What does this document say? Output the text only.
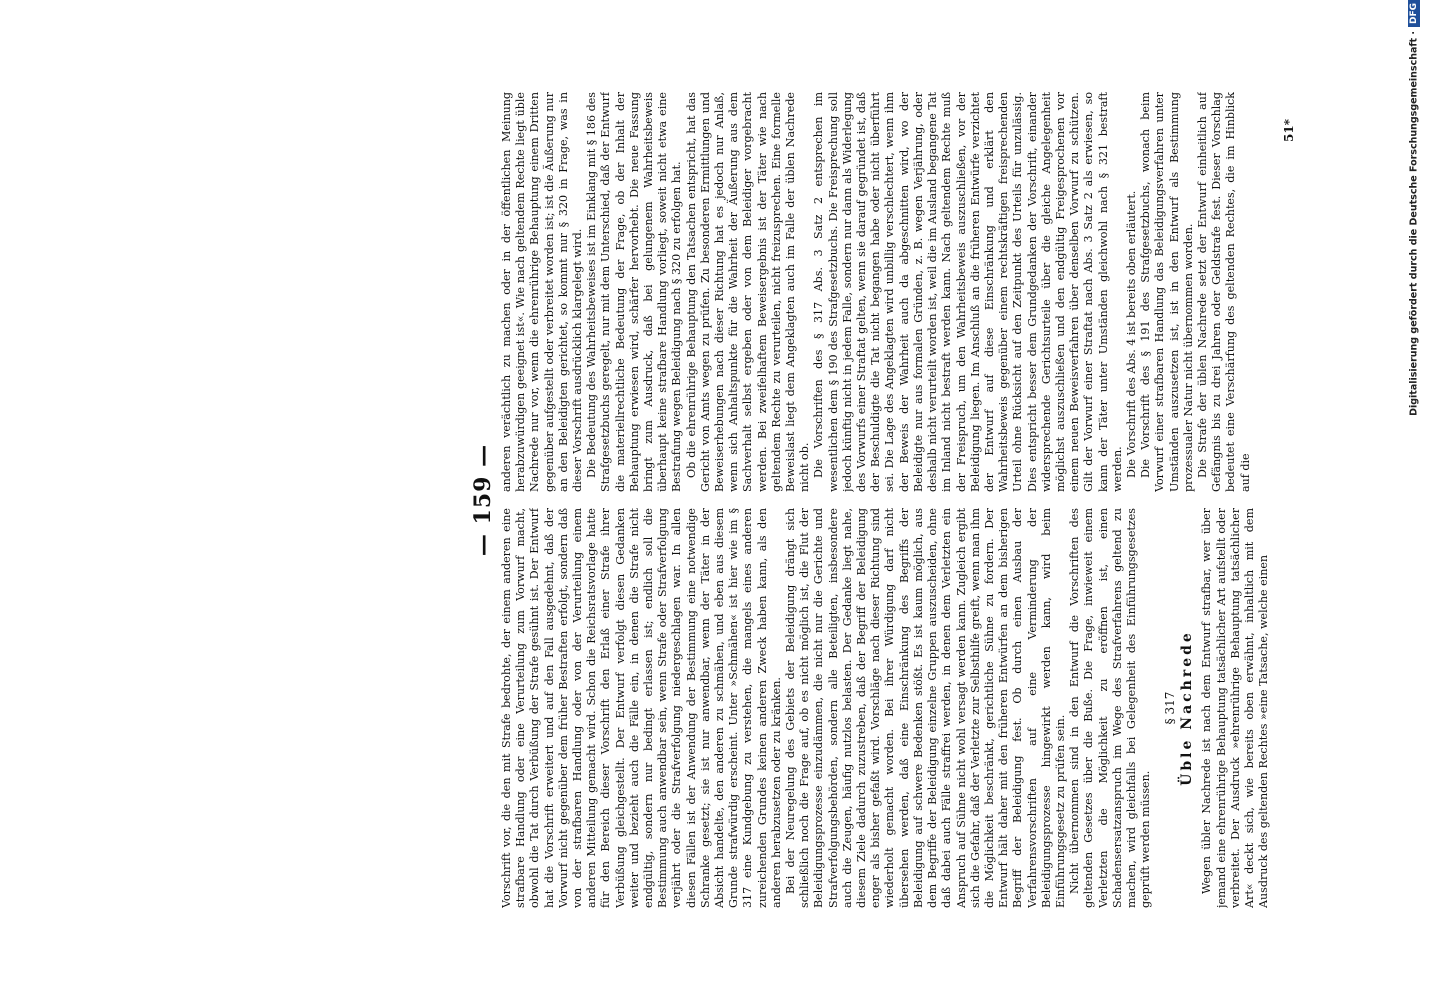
— 159 —

Vorschrift vor, die den mit Strafe bedrohte, der einem anderen eine strafbare Handlung oder eine Verurteilung zum Vorwurf macht, obwohl die Tat durch Verbüßung der Strafe gesühnt ist. Der Entwurf hat die Vorschrift erweitert und auf den Fall ausgedehnt, daß der Vorwurf nicht gegenüber dem früher Bestraften erfolgt, sondern daß von der strafbaren Handlung oder von der Verurteilung einem anderen Mitteilung gemacht wird. Schon die Reichsratsvorlage hatte für den Bereich dieser Vorschrift den Erlaß einer Strafe ihrer Verbüßung gleichgestellt. Der Entwurf verfolgt diesen Gedanken weiter und bezieht auch die Fälle ein, in denen die Strafe nicht endgültig, sondern nur bedingt erlassen ist; endlich soll die Bestimmung auch anwendbar sein, wenn Strafe oder Strafverfolgung verjährt oder die Strafverfolgung niedergeschlagen war. In allen diesen Fällen ist der Anwendung der Bestimmung eine notwendige Schranke gesetzt; sie ist nur anwendbar, wenn der Täter in der Absicht handelte, den anderen zu schmähen, und eben aus diesem Grunde strafwürdig erscheint. Unter »Schmähen« ist hier wie im § 317 eine Kundgebung zu verstehen, die mangels eines anderen zureichenden Grundes keinen anderen Zweck haben kann, als den anderen herabzusetzen oder zu kränken. Bei der Neuregelung des Gebiets der Beleidigung drängt sich schließlich noch die Frage auf, ob es nicht möglich ist, die Flut der Beleidigungsprozesse einzudämmen, die nicht nur die Gerichte und Strafverfolgungsbehörden, sondern alle Beteiligten, insbesondere auch die Zeugen, häufig nutzlos belasten. Der Gedanke liegt nahe, diesem Ziele dadurch zuzustreben, daß der Begriff der Beleidigung enger als bisher gefaßt wird. Vorschläge nach dieser Richtung sind wiederholt gemacht worden. Bei ihrer Würdigung darf nicht übersehen werden, daß eine Einschränkung des Begriffs der Beleidigung auf schwere Bedenken stößt. Es ist kaum möglich, aus dem Begriffe der Beleidigung einzelne Gruppen auszuscheiden, ohne daß dabei auch Fälle straffrei werden, in denen dem Verletzten ein Anspruch auf Sühne nicht wohl versagt werden kann. Zugleich ergibt sich die Gefahr, daß der Verletzte zur Selbsthilfe greift, wenn man ihm die Möglichkeit beschränkt, gerichtliche Sühne zu fordern. Der Entwurf hält daher mit den früheren Entwürfen an dem bisherigen Begriff der Beleidigung fest. Ob durch einen Ausbau der Verfahrensvorschriften auf eine Verminderung der Beleidigungsprozesse hingewirkt werden kann, wird beim Einführungsgesetz zu prüfen sein. Nicht übernommen sind in den Entwurf die Vorschriften des geltenden Gesetzes über die Buße. Die Frage, inwieweit einem Verletzten die Möglichkeit zu eröffnen ist, einen Schadensersatzanspruch im Wege des Strafverfahrens geltend zu machen, wird gleichfalls bei Gelegenheit des Einführungsgesetzes geprüft werden müssen.

§ 317 Üble Nachrede Wegen übler Nachrede ist nach dem Entwurf strafbar, wer über jemand eine ehrenrührige Behauptung tatsächlicher Art aufstellt oder verbreitet. Der Ausdruck »ehrenrührige Behauptung tatsächlicher Art« deckt sich, wie bereits oben erwähnt, inhaltlich mit dem Ausdruck des geltenden Rechtes »eine Tatsache, welche einen

anderen verächtlich zu machen oder in der öffentlichen Meinung herabzuwürdigen geeignet ist«. Wie nach geltendem Rechte liegt üble Nachrede nur vor, wenn die ehrenrührige Behauptung einem Dritten gegenüber aufgestellt oder verbreitet worden ist; ist die Äußerung nur an den Beleidigten gerichtet, so kommt nur § 320 in Frage, was in dieser Vorschrift ausdrücklich klargelegt wird. Die Bedeutung des Wahrheitsbeweises ist im Einklang mit § 186 des Strafgesetzbuchs geregelt, nur mit dem Unterschied, daß der Entwurf die materiellrechtliche Bedeutung der Frage, ob der Inhalt der Behauptung erwiesen wird, schärfer hervorhebt. Die neue Fassung bringt zum Ausdruck, daß bei gelungenem Wahrheitsbeweis überhaupt keine strafbare Handlung vorliegt, soweit nicht etwa eine Bestrafung wegen Beleidigung nach § 320 zu erfolgen hat. Ob die ehrenrührige Behauptung den Tatsachen entspricht, hat das Gericht von Amts wegen zu prüfen. Zu besonderen Ermittlungen und Beweiserhebungen nach dieser Richtung hat es jedoch nur Anlaß, wenn sich Anhaltspunkte für die Wahrheit der Äußerung aus dem Sachverhalt selbst ergeben oder von dem Beleidiger vorgebracht werden. Bei zweifelhaftem Beweisergebnis ist der Täter wie nach geltendem Rechte zu verurteilen, nicht freizusprechen. Eine formelle Beweislast liegt dem Angeklagten auch im Falle der üblen Nachrede nicht ob. Die Vorschriften des § 317 Abs. 3 Satz 2 entsprechen im wesentlichen dem § 190 des Strafgesetzbuchs. Die Freisprechung soll jedoch künftig nicht in jedem Falle, sondern nur dann als Widerlegung des Vorwurfs einer Straftat gelten, wenn sie darauf gegründet ist, daß der Beschuldigte die Tat nicht begangen habe oder nicht überführt sei. Die Lage des Angeklagten wird unbillig verschlechtert, wenn ihm der Beweis der Wahrheit auch da abgeschnitten wird, wo der Beleidigte nur aus formalen Gründen, z. B. wegen Verjährung, oder deshalb nicht verurteilt worden ist, weil die im Ausland begangene Tat im Inland nicht bestraft werden kann. Nach geltendem Rechte muß der Freispruch, um den Wahrheitsbeweis auszuschließen, vor der Beleidigung liegen. Im Anschluß an die früheren Entwürfe verzichtet der Entwurf auf diese Einschränkung und erklärt den Wahrheitsbeweis gegenüber einem rechtskräftigen freisprechenden Urteil ohne Rücksicht auf den Zeitpunkt des Urteils für unzulässig. Dies entspricht besser dem Grundgedanken der Vorschrift, einander widersprechende Gerichtsurteile über die gleiche Angelegenheit möglichst auszuschließen und den endgültig Freigesprochenen vor einem neuen Beweisverfahren über denselben Vorwurf zu schützen. Gilt der Vorwurf einer Straftat nach Abs. 3 Satz 2 als erwiesen, so kann der Täter unter Umständen gleichwohl nach § 321 bestraft werden. Die Vorschrift des Abs. 4 ist bereits oben erläutert. Die Vorschrift des § 191 des Strafgesetzbuchs, wonach beim Vorwurf einer strafbaren Handlung das Beleidigungsverfahren unter Umständen auszusetzen ist, ist in den Entwurf als Bestimmung prozessualer Natur nicht übernommen worden. Die Strafe der üblen Nachrede setzt der Entwurf einheitlich auf Gefängnis bis zu drei Jahren oder Geldstrafe fest. Dieser Vorschlag bedeutet eine Verschärfung des geltenden Rechtes, die im Hinblick auf die

51*	Digitalisierung gefördert durch die Deutsche Forschungsgemeinschaft ·DFG
